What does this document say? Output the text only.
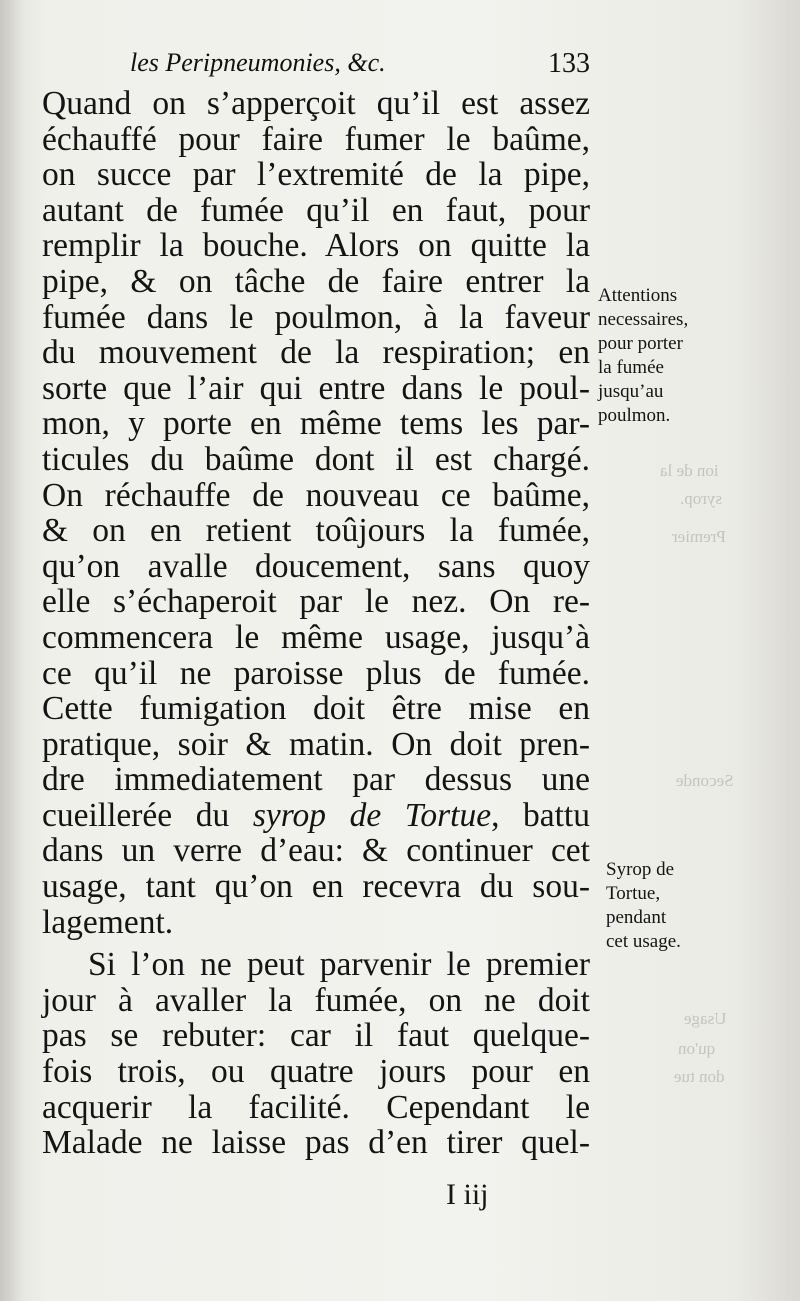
ion de la
syrop.
Premier
Seconde
Usage
qu'on
don tue
les Peripneumonies, &c.	133
Quand on s’apperçoit qu’il est assez
échauffé pour faire fumer le baûme,
on succe par l’extremité de la pipe,
autant de fumée qu’il en faut, pour
remplir la bouche. Alors on quitte la
pipe, & on tâche de faire entrer la
fumée dans le poulmon, à la faveur
du mouvement de la respiration; en
sorte que l’air qui entre dans le poul-
mon, y porte en même tems les par-
ticules du baûme dont il est chargé.
On réchauffe de nouveau ce baûme,
& on en retient toûjours la fumée,
qu’on avalle doucement, sans quoy
elle s’échaperoit par le nez. On re-
commencera le même usage, jusqu’à
ce qu’il ne paroisse plus de fumée.
Cette fumigation doit être mise en
pratique, soir & matin. On doit pren-
dre immediatement par dessus une
cueillerée du syrop de Tortue, battu
dans un verre d’eau: & continuer cet
usage, tant qu’on en recevra du sou-
lagement.
Si l’on ne peut parvenir le premier
jour à avaller la fumée, on ne doit
pas se rebuter: car il faut quelque-
fois trois, ou quatre jours pour en
acquerir la facilité. Cependant le
Malade ne laisse pas d’en tirer quel-
Attentions
necessaires,
pour porter
la fumée
jusqu’au
poulmon.
Syrop de
Tortue,
pendant
cet usage.
I iij
